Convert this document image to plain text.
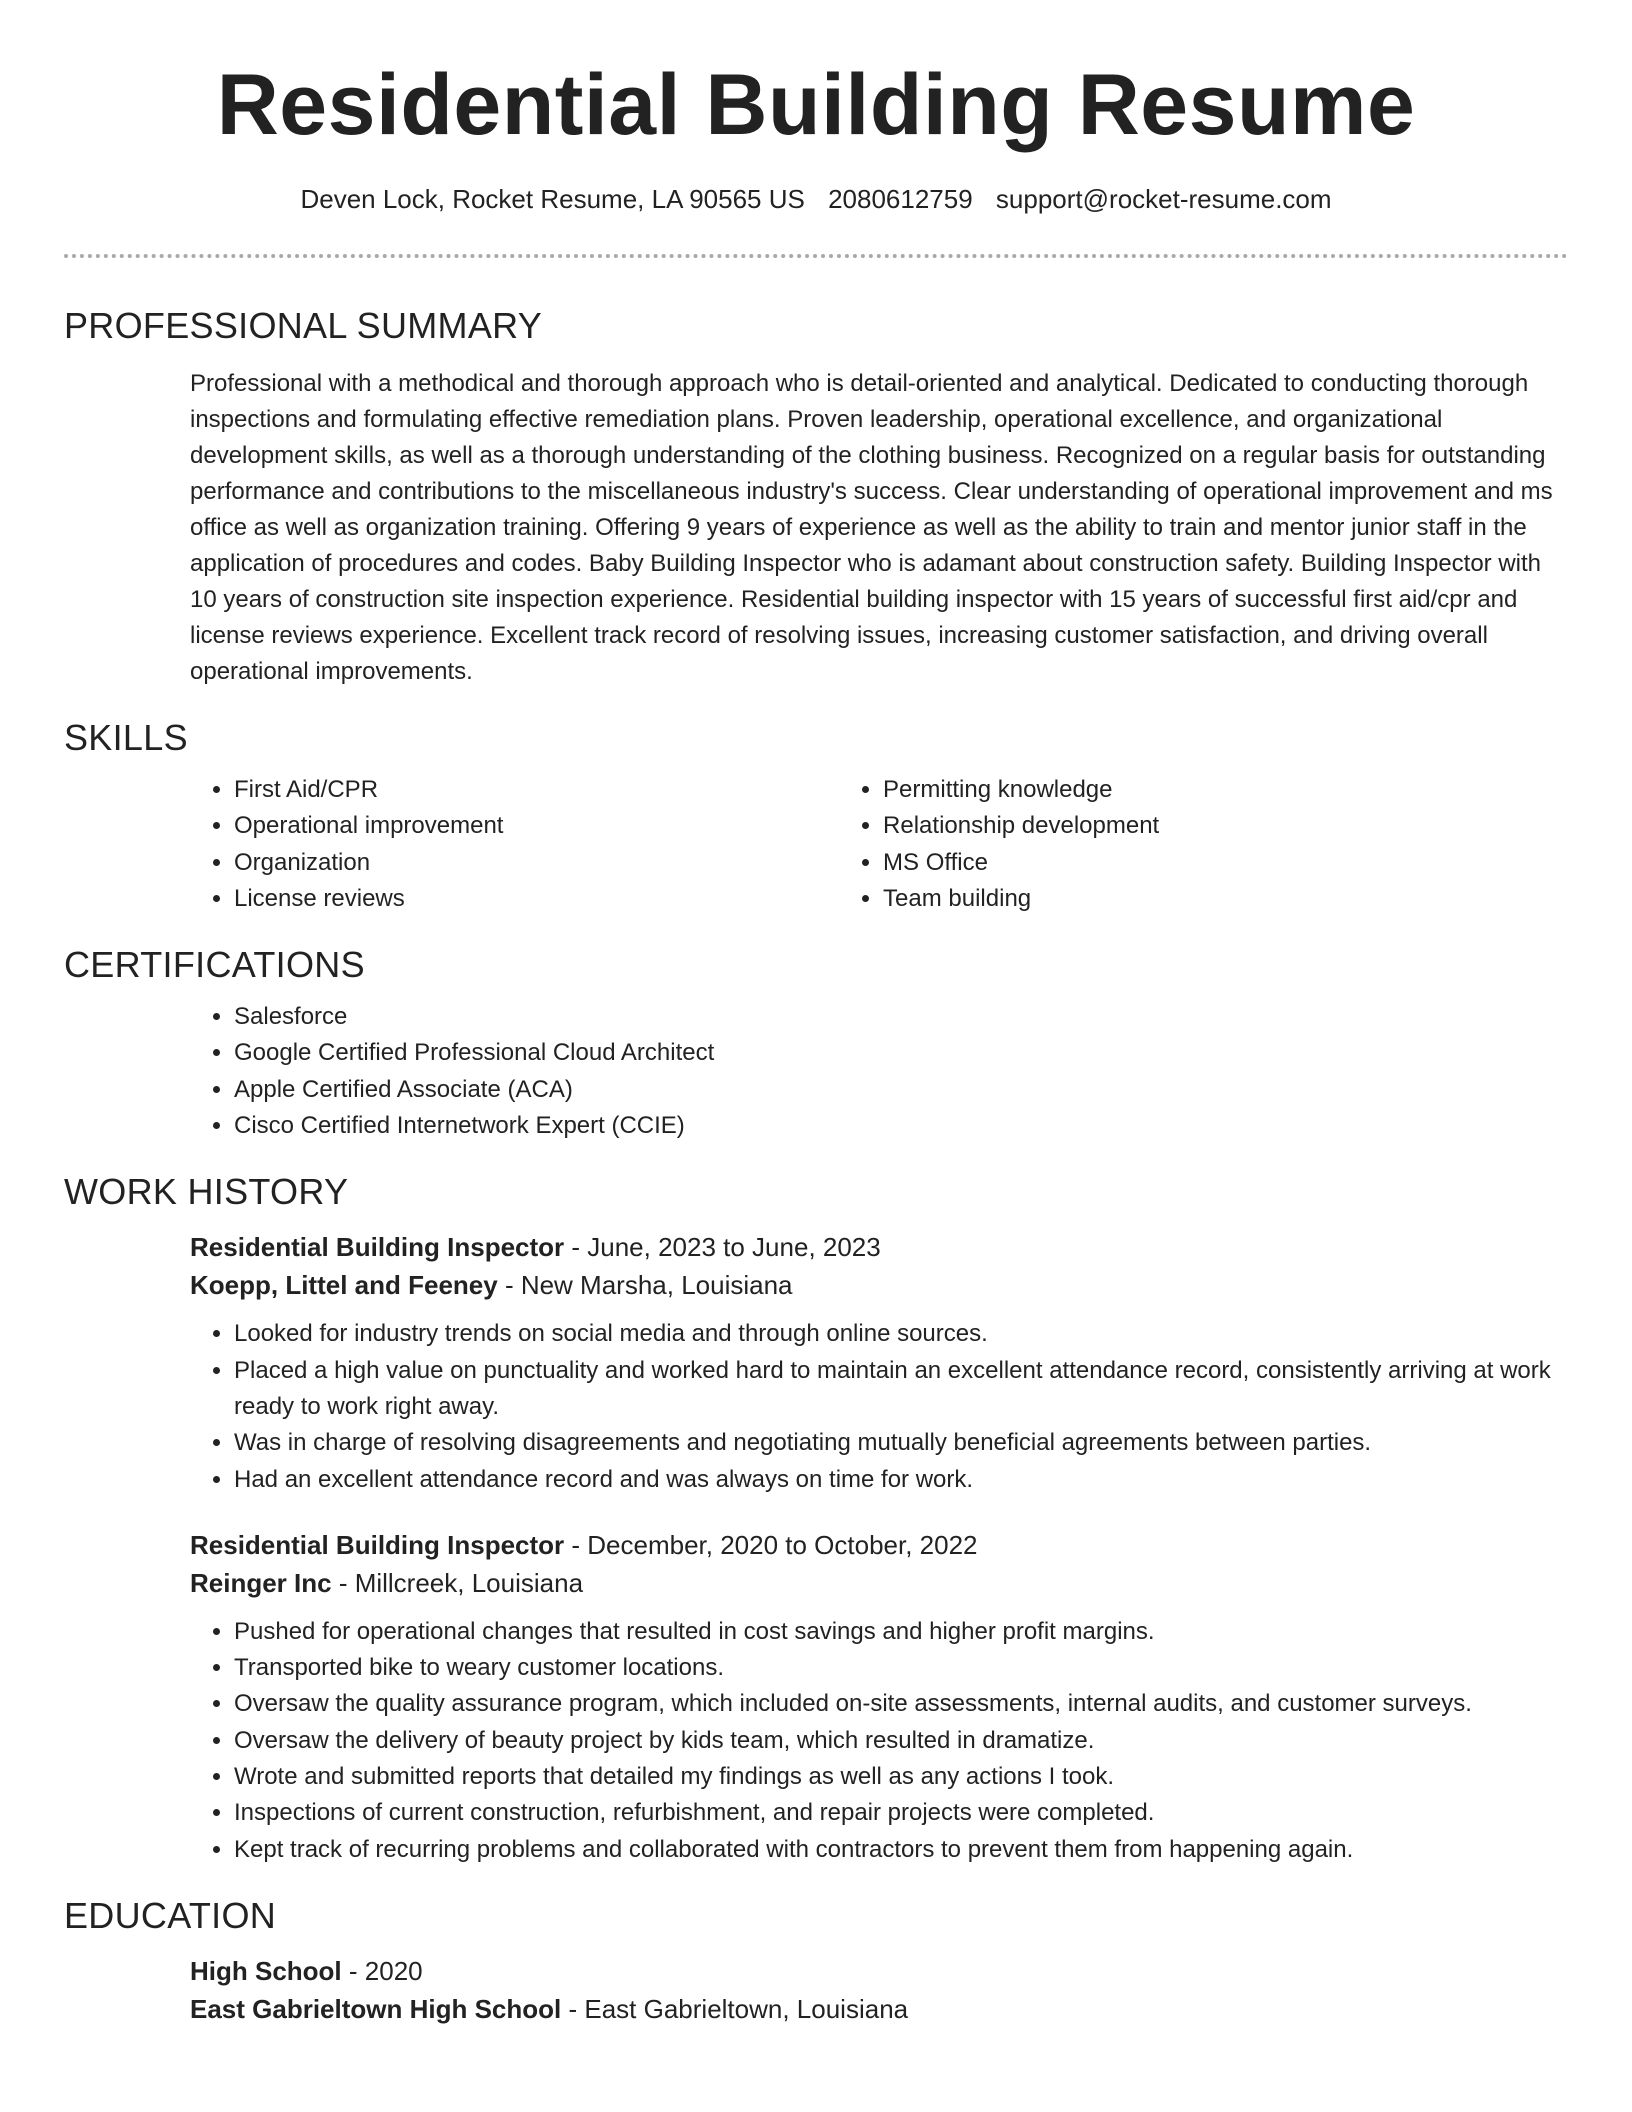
Residential Building Resume
Deven Lock, Rocket Resume, LA 90565 US 2080612759 support@rocket-resume.com
PROFESSIONAL SUMMARY

Professional with a methodical and thorough approach who is detail-oriented and analytical. Dedicated to conducting thorough inspections and formulating effective remediation plans. Proven leadership, operational excellence, and organizational development skills, as well as a thorough understanding of the clothing business. Recognized on a regular basis for outstanding performance and contributions to the miscellaneous industry's success. Clear understanding of operational improvement and ms office as well as organization training. Offering 9 years of experience as well as the ability to train and mentor junior staff in the application of procedures and codes. Baby Building Inspector who is adamant about construction safety. Building Inspector with 10 years of construction site inspection experience. Residential building inspector with 15 years of successful first aid/cpr and license reviews experience. Excellent track record of resolving issues, increasing customer satisfaction, and driving overall operational improvements.

SKILLS
• First Aid/CPR
• Operational improvement
• Organization
• License reviews
• Permitting knowledge
• Relationship development
• MS Office
• Team building
CERTIFICATIONS
• Salesforce
• Google Certified Professional Cloud Architect
• Apple Certified Associate (ACA)
• Cisco Certified Internetwork Expert (CCIE)
WORK HISTORY
Residential Building Inspector - June, 2023 to June, 2023
Koepp, Littel and Feeney - New Marsha, Louisiana
• Looked for industry trends on social media and through online sources.
• Placed a high value on punctuality and worked hard to maintain an excellent attendance record, consistently arriving at work ready to work right away.
• Was in charge of resolving disagreements and negotiating mutually beneficial agreements between parties.
• Had an excellent attendance record and was always on time for work.
Residential Building Inspector - December, 2020 to October, 2022
Reinger Inc - Millcreek, Louisiana
• Pushed for operational changes that resulted in cost savings and higher profit margins.
• Transported bike to weary customer locations.
• Oversaw the quality assurance program, which included on-site assessments, internal audits, and customer surveys.
• Oversaw the delivery of beauty project by kids team, which resulted in dramatize.
• Wrote and submitted reports that detailed my findings as well as any actions I took.
• Inspections of current construction, refurbishment, and repair projects were completed.
• Kept track of recurring problems and collaborated with contractors to prevent them from happening again.
EDUCATION
High School - 2020
East Gabrieltown High School - East Gabrieltown, Louisiana
